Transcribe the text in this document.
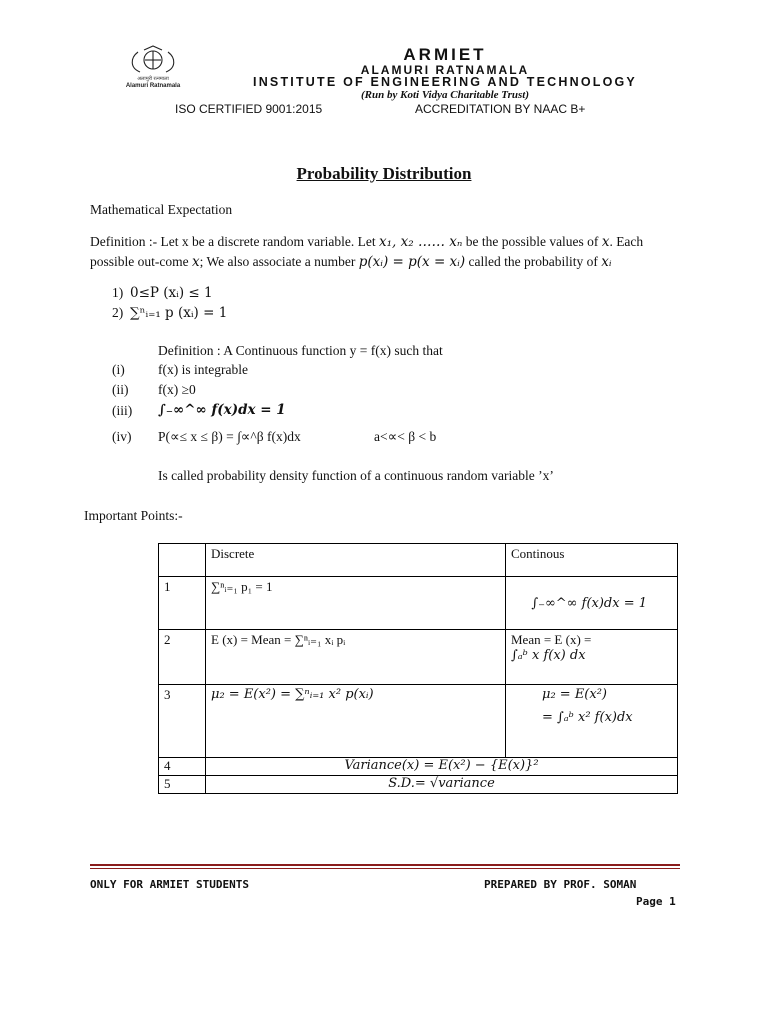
अलामुरी रत्नमाला
Alamuri Ratnamala
ARMIET
ALAMURI RATNAMALA
INSTITUTE OF ENGINEERING AND TECHNOLOGY
(Run by Koti Vidya Charitable Trust)
ISO CERTIFIED 9001:2015	ACCREDITATION BY NAAC B+
Probability Distribution
Mathematical Expectation
Definition :- Let x be a discrete random variable. Let x₁, x₂ …… xₙ be the possible values of x. Each
possible out-come x; We also associate a number p(xᵢ) = p(x = xᵢ) called the probability of xᵢ
1) 0≤P (xᵢ) ≤ 1
2) ∑ⁿᵢ₌₁ p (xᵢ) = 1
Definition : A Continuous function y = f(x) such that
(i) f(x) is integrable
(ii) f(x) ≥0
(iii) ∫₋∞^∞ f(x)dx = 1
(iv) P(∝≤ x ≤ β) = ∫∝^β f(x)dx	a<∝< β < b
Is called probability density function of a continuous random variable ’x’
Important Points:-
	Discrete	Continous
1	∑ⁿᵢ₌₁ p₁ = 1	∫₋∞^∞ f(x)dx = 1
2	E (x) = Mean = ∑ⁿᵢ₌₁ xᵢ pᵢ	Mean = E (x) =
∫ₐᵇ x f(x) dx

3	μ₂ = E(x²) = ∑ⁿᵢ₌₁ x² p(xᵢ)	μ₂ = E(x²)
= ∫ₐᵇ x² f(x)dx

4	Variance(x) = E(x²) − {E(x)}²	
5	S.D.= √variance	
ONLY FOR ARMIET STUDENTS	PREPARED BY PROF. SOMAN
Page 1
